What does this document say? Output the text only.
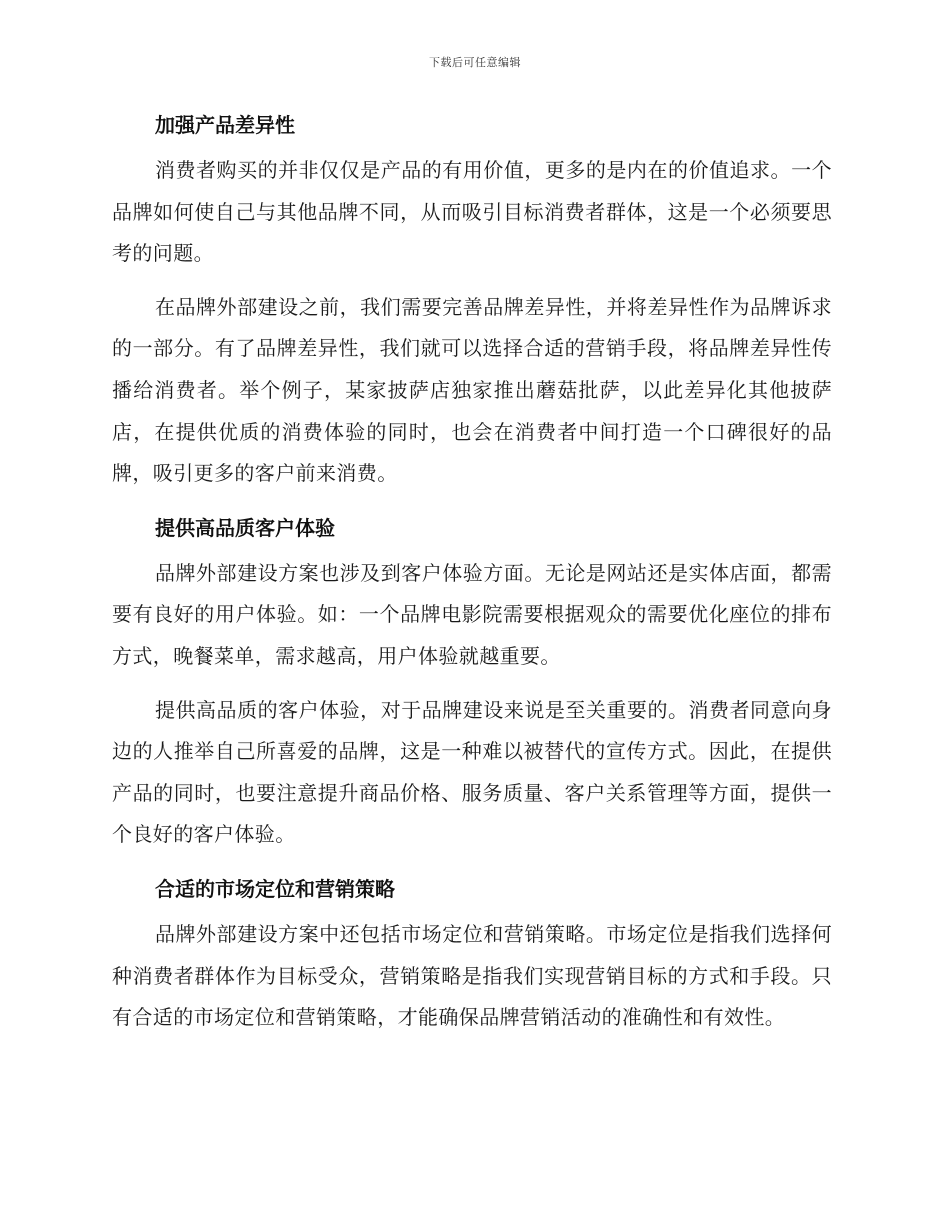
下载后可任意编辑
加强产品差异性

消费者购买的并非仅仅是产品的有用价值，更多的是内在的价值追求。一个品牌如何使自己与其他品牌不同，从而吸引目标消费者群体，这是一个必须要思考的问题。

在品牌外部建设之前，我们需要完善品牌差异性，并将差异性作为品牌诉求的一部分。有了品牌差异性，我们就可以选择合适的营销手段，将品牌差异性传播给消费者。举个例子，某家披萨店独家推出蘑菇批萨，以此差异化其他披萨店，在提供优质的消费体验的同时，也会在消费者中间打造一个口碑很好的品牌，吸引更多的客户前来消费。

提供高品质客户体验

品牌外部建设方案也涉及到客户体验方面。无论是网站还是实体店面，都需要有良好的用户体验。如：一个品牌电影院需要根据观众的需要优化座位的排布方式，晚餐菜单，需求越高，用户体验就越重要。

提供高品质的客户体验，对于品牌建设来说是至关重要的。消费者同意向身边的人推举自己所喜爱的品牌，这是一种难以被替代的宣传方式。因此，在提供产品的同时，也要注意提升商品价格、服务质量、客户关系管理等方面，提供一个良好的客户体验。

合适的市场定位和营销策略

品牌外部建设方案中还包括市场定位和营销策略。市场定位是指我们选择何种消费者群体作为目标受众，营销策略是指我们实现营销目标的方式和手段。只有合适的市场定位和营销策略，才能确保品牌营销活动的准确性和有效性。
